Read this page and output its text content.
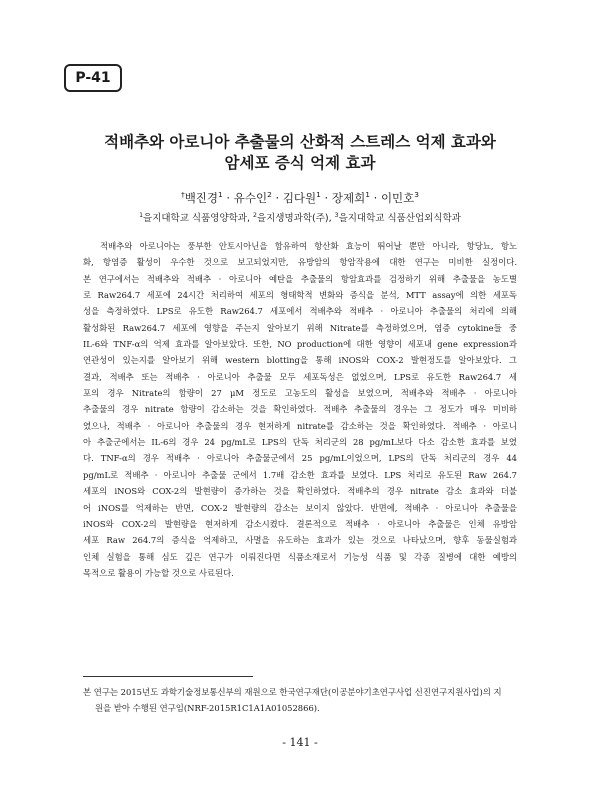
P-41
적배추와 아로니아 추출물의 산화적 스트레스 억제 효과와
암세포 증식 억제 효과
†백진경$^1$ · 유수인$^2$ · 김다원$^1$ · 장제희$^1$ · 이민호$^3$
$^1$을지대학교 식품영양학과, $^2$을지생명과학(주), $^3$을지대학교 식품산업외식학과
적배추와 아로니아는 풍부한 안토시아닌을 함유하여 항산화 효능이 뛰어날 뿐만 아니라, 항당뇨, 항노
화, 항염증 활성이 우수한 것으로 보고되었지만, 유방암의 항암작용에 대한 연구는 미비한 실정이다.
본 연구에서는 적배추와 적배추 · 아로니아 예탄을 추출물의 항암효과를 검정하기 위해 추출물을 농도별
로 Raw264.7 세포에 24시간 처리하여 세포의 형태학적 변화와 증식을 분석, MTT assay에 의한 세포독
성을 측정하였다. LPS로 유도한 Raw264.7 세포에서 적배추와 적배추 · 아로니아 추출물의 처리에 의해
활성화된 Raw264.7 세포에 영향을 주는지 알아보기 위해 Nitrate를 측정하였으며, 염증 cytokine들 중
IL-6와 TNF-α의 억제 효과를 알아보았다. 또한, NO production에 대한 영향이 세포내 gene expression과
연관성이 있는지를 알아보기 위해 western blotting을 통해 iNOS와 COX-2 발현정도를 알아보았다. 그
결과, 적배추 또는 적배추 · 아로니아 추출물 모두 세포독성은 없었으며, LPS로 유도한 Raw264.7 세
포의 경우 Nitrate의 함량이 27 μM 정도로 고농도의 활성을 보였으며, 적배추와 적배추 · 아로니아
추출물의 경우 nitrate 함량이 감소하는 것을 확인하였다. 적배추 추출물의 경우는 그 정도가 매우 미비하
였으나, 적배추 · 아로니아 추출물의 경우 현저하게 nitrate를 감소하는 것을 확인하였다. 적배추 · 아로니
아 추출군에서는 IL-6의 경우 24 pg/mL로 LPS의 단독 처리군의 28 pg/mL보다 다소 감소한 효과를 보였
다. TNF-α의 경우 적배추 · 아로니아 추출물군에서 25 pg/mL이었으며, LPS의 단독 처리군의 경우 44
pg/mL로 적배추 · 아로니아 추출물 군에서 1.7배 감소한 효과를 보였다. LPS 처리로 유도된 Raw 264.7
세포의 iNOS와 COX-2의 발현량이 증가하는 것을 확인하였다. 적배추의 경우 nitrate 감소 효과와 더불
어 iNOS를 억제하는 반면, COX-2 발현량의 감소는 보이지 않았다. 반면에, 적배추 · 아로니아 추출물을
iNOS와 COX-2의 발현량을 현저하게 감소시켰다. 결론적으로 적배추 · 아로니아 추출물은 인체 유방암
세포 Raw 264.7의 증식을 억제하고, 사멸을 유도하는 효과가 있는 것으로 나타났으며, 향후 동물실험과
인체 실험을 통해 심도 깊은 연구가 이뤄진다면 식품소재로서 기능성 식품 및 각종 질병에 대한 예방의
목적으로 활용이 가능할 것으로 사료된다.
본 연구는 2015년도 과학기술정보통신부의 재원으로 한국연구재단(이공분야기초연구사업 신진연구지원사업)의 지
원을 받아 수행된 연구임(NRF-2015R1C1A1A01052866).
- 141 -
